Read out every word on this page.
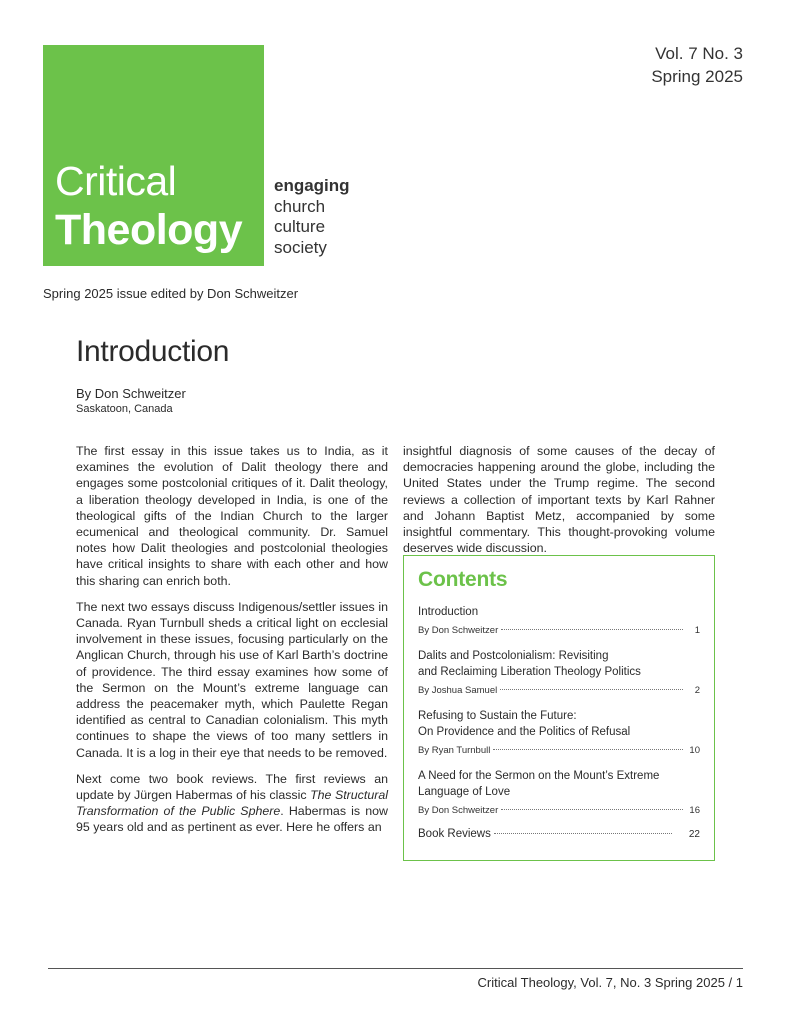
Critical
Theology
engaging
church
culture
society
Vol. 7 No. 3
Spring 2025
Spring 2025 issue edited by Don Schweitzer
Introduction
By Don Schweitzer
Saskatoon, Canada

The first essay in this issue takes us to India, as it examines the evolution of Dalit theology there and engages some postcolonial critiques of it. Dalit theology, a liberation theology developed in India, is one of the theological gifts of the Indian Church to the larger ecumenical and theological community. Dr. Samuel notes how Dalit theologies and postcolonial theologies have critical insights to share with each other and how this sharing can enrich both.

The next two essays discuss Indigenous/settler issues in Canada. Ryan Turnbull sheds a critical light on ecclesial involvement in these issues, focusing particularly on the Anglican Church, through his use of Karl Barth’s doctrine of providence. The third essay examines how some of the Sermon on the Mount’s extreme language can address the peacemaker myth, which Paulette Regan identified as central to Canadian colonialism. This myth continues to shape the views of too many settlers in Canada. It is a log in their eye that needs to be removed.

Next come two book reviews. The first reviews an update by Jürgen Habermas of his classic The Structural Transformation of the Public Sphere. Habermas is now 95 years old and as pertinent as ever. Here he offers an

insightful diagnosis of some causes of the decay of democracies happening around the globe, including the United States under the Trump regime. The second reviews a collection of important texts by Karl Rahner and Johann Baptist Metz, accompanied by some insightful commentary. This thought-provoking volume deserves wide discussion.

Contents
Introduction
By Don Schweitzer	1
Dalits and Postcolonialism: Revisiting
and Reclaiming Liberation Theology Politics
By Joshua Samuel	2
Refusing to Sustain the Future:
On Providence and the Politics of Refusal
By Ryan Turnbull	10
A Need for the Sermon on the Mount’s Extreme
Language of Love
By Don Schweitzer	16
Book Reviews	22
Critical Theology, Vol. 7, No. 3 Spring 2025 / 1
